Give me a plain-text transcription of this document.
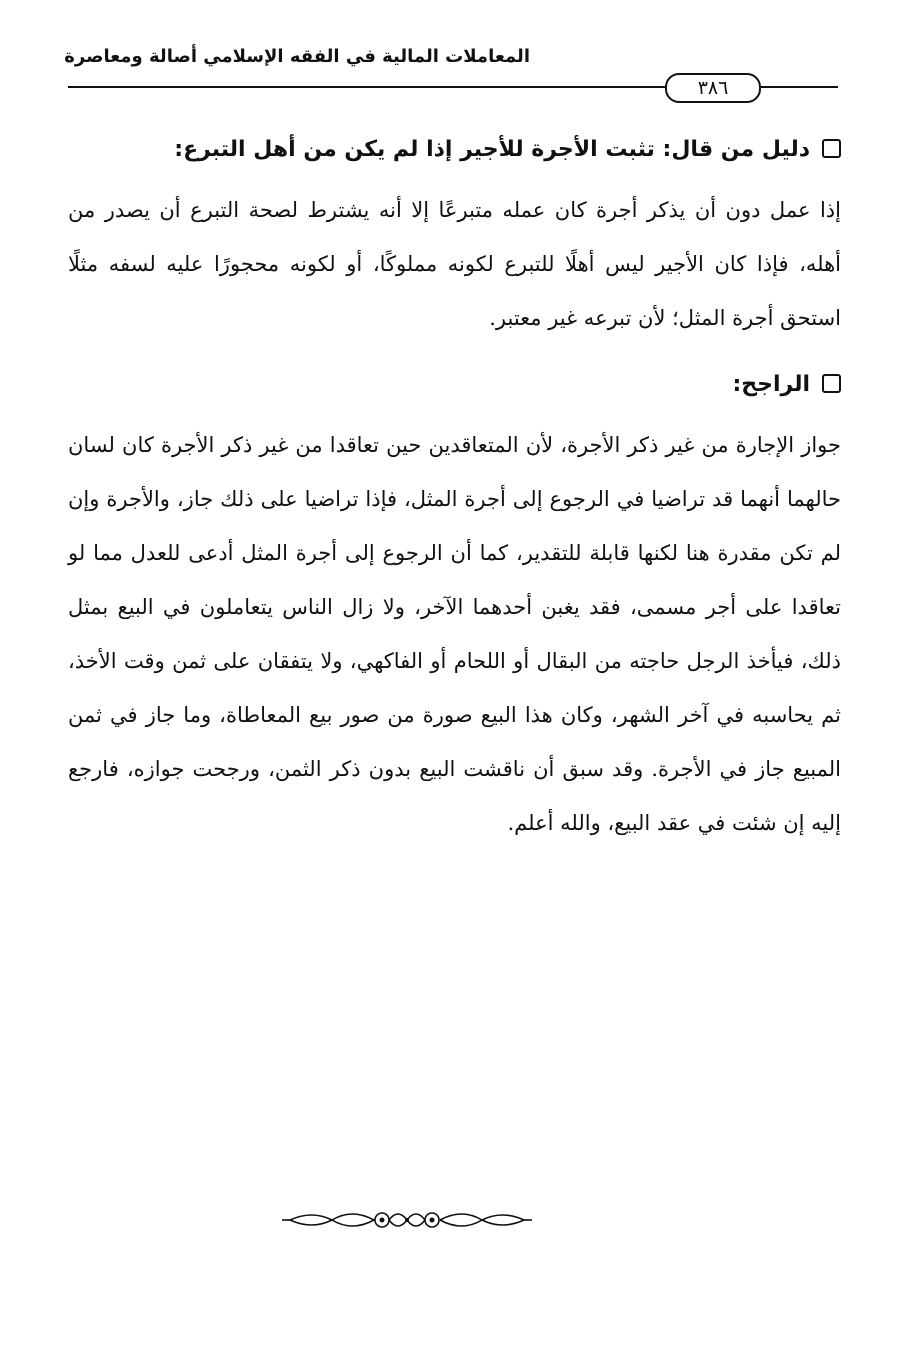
المعاملات المالية في الفقه الإسلامي أصالة ومعاصرة
٣٨٦
دليل من قال: تثبت الأجرة للأجير إذا لم يكن من أهل التبرع:

إذا عمل دون أن يذكر أجرة كان عمله متبرعًا إلا أنه يشترط لصحة التبرع أن يصدر من أهله، فإذا كان الأجير ليس أهلًا للتبرع لكونه مملوكًا، أو لكونه محجورًا عليه لسفه مثلًا استحق أجرة المثل؛ لأن تبرعه غير معتبر.

الراجح:

جواز الإجارة من غير ذكر الأجرة، لأن المتعاقدين حين تعاقدا من غير ذكر الأجرة كان لسان حالهما أنهما قد تراضيا في الرجوع إلى أجرة المثل، فإذا تراضيا على ذلك جاز، والأجرة وإن لم تكن مقدرة هنا لكنها قابلة للتقدير، كما أن الرجوع إلى أجرة المثل أدعى للعدل مما لو تعاقدا على أجر مسمى، فقد يغبن أحدهما الآخر، ولا زال الناس يتعاملون في البيع بمثل ذلك، فيأخذ الرجل حاجته من البقال أو اللحام أو الفاكهي، ولا يتفقان على ثمن وقت الأخذ، ثم يحاسبه في آخر الشهر، وكان هذا البيع صورة من صور بيع المعاطاة، وما جاز في ثمن المبيع جاز في الأجرة. وقد سبق أن ناقشت البيع بدون ذكر الثمن، ورجحت جوازه، فارجع إليه إن شئت في عقد البيع، والله أعلم.
